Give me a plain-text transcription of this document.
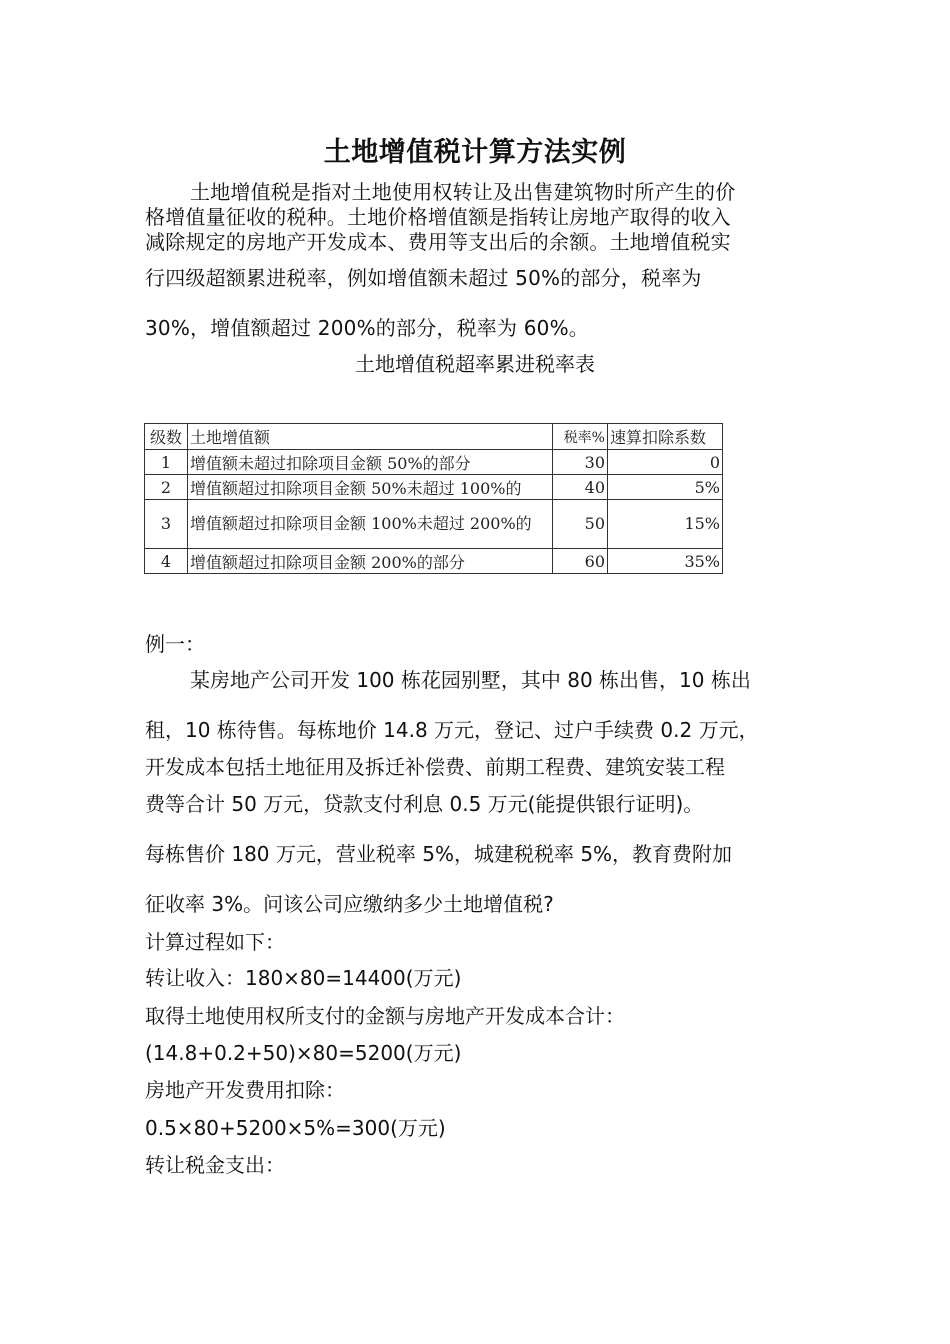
土地增值税计算方法实例
土地增值税是指对土地使用权转让及出售建筑物时所产生的价
格增值量征收的税种。土地价格增值额是指转让房地产取得的收入
减除规定的房地产开发成本、费用等支出后的余额。土地增值税实
行四级超额累进税率，例如增值额未超过 50%的部分，税率为
30%，增值额超过 200%的部分，税率为 60%。
土地增值税超率累进税率表
级数	土地增值额	税率%	速算扣除系数
1	增值额未超过扣除项目金额 50%的部分	30	0
2	增值额超过扣除项目金额 50%未超过 100%的	40	5%
3	增值额超过扣除项目金额 100%未超过 200%的	50	15%
4	增值额超过扣除项目金额 200%的部分	60	35%
例一：
某房地产公司开发 100 栋花园别墅，其中 80 栋出售，10 栋出
租，10 栋待售。每栋地价 14.8 万元，登记、过户手续费 0.2 万元，
开发成本包括土地征用及拆迁补偿费、前期工程费、建筑安装工程
费等合计 50 万元，贷款支付利息 0.5 万元(能提供银行证明)。
每栋售价 180 万元，营业税率 5%，城建税税率 5%，教育费附加
征收率 3%。问该公司应缴纳多少土地增值税?
计算过程如下：
转让收入：180×80=14400(万元)
取得土地使用权所支付的金额与房地产开发成本合计：
(14.8+0.2+50)×80=5200(万元)
房地产开发费用扣除：
0.5×80+5200×5%=300(万元)
转让税金支出：
